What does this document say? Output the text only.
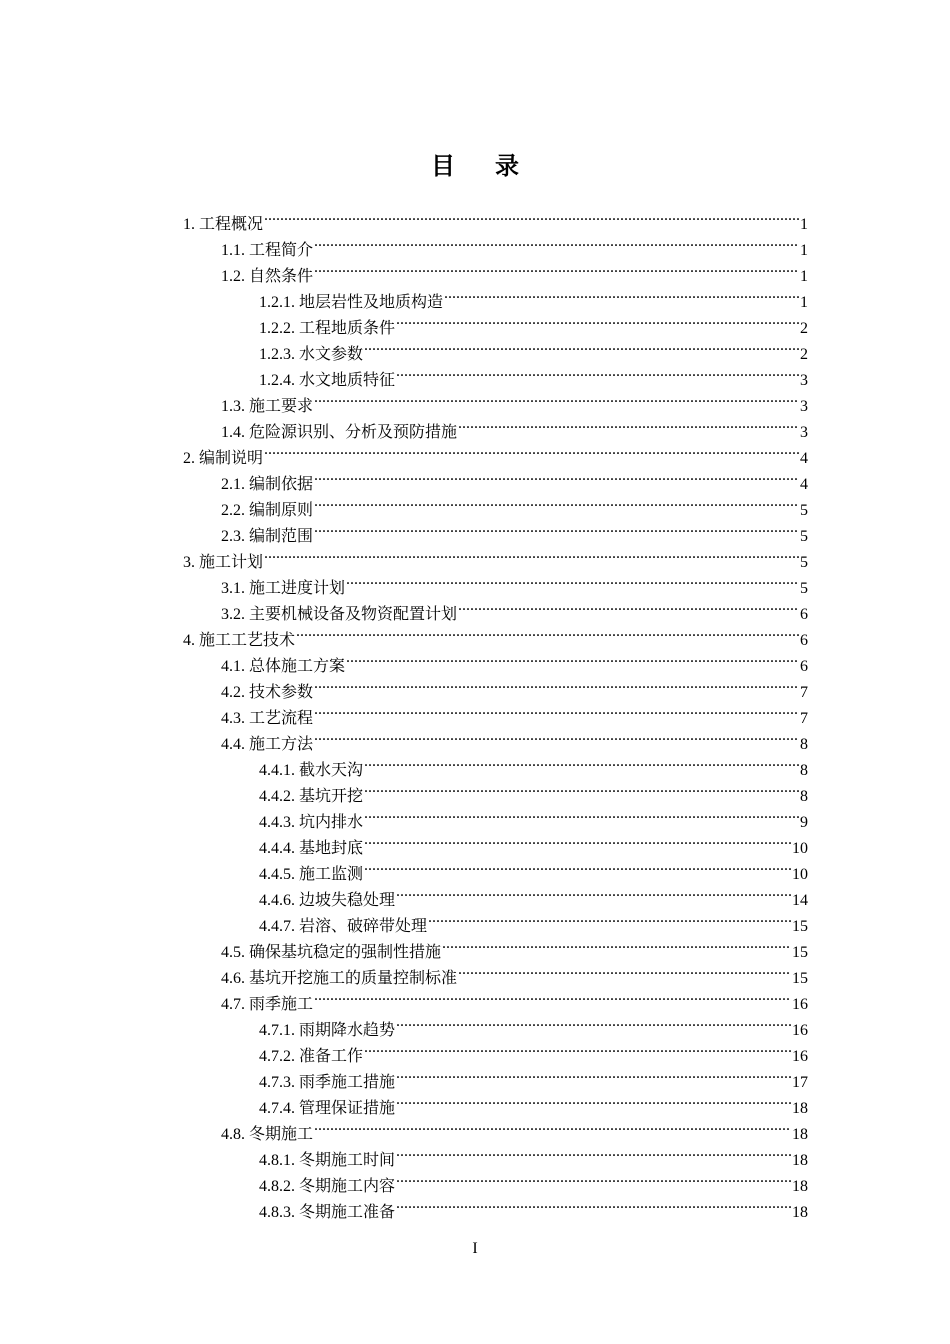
目录
1. 工程概况 .....	1
1.1. 工程简介 .....	1
1.2. 自然条件 .....	1
1.2.1. 地层岩性及地质构造 .....	1
1.2.2. 工程地质条件 .....	2
1.2.3. 水文参数 .....	2
1.2.4. 水文地质特征 .....	3
1.3. 施工要求 .....	3
1.4. 危险源识别、分析及预防措施 .....	3
2. 编制说明 .....	4
2.1. 编制依据 .....	4
2.2. 编制原则 .....	5
2.3. 编制范围 .....	5
3. 施工计划 .....	5
3.1. 施工进度计划 .....	5
3.2. 主要机械设备及物资配置计划 .....	6
4. 施工工艺技术 .....	6
4.1. 总体施工方案 .....	6
4.2. 技术参数 .....	7
4.3. 工艺流程 .....	7
4.4. 施工方法 .....	8
4.4.1. 截水天沟 .....	8
4.4.2. 基坑开挖 .....	8
4.4.3. 坑内排水 .....	9
4.4.4. 基地封底 .....	10
4.4.5. 施工监测 .....	10
4.4.6. 边坡失稳处理 .....	14
4.4.7. 岩溶、破碎带处理 .....	15
4.5. 确保基坑稳定的强制性措施 .....	15
4.6. 基坑开挖施工的质量控制标准 .....	15
4.7. 雨季施工 .....	16
4.7.1. 雨期降水趋势 .....	16
4.7.2. 准备工作 .....	16
4.7.3. 雨季施工措施 .....	17
4.7.4. 管理保证措施 .....	18
4.8. 冬期施工 .....	18
4.8.1. 冬期施工时间 .....	18
4.8.2. 冬期施工内容 .....	18
4.8.3. 冬期施工准备 .....	18
I
